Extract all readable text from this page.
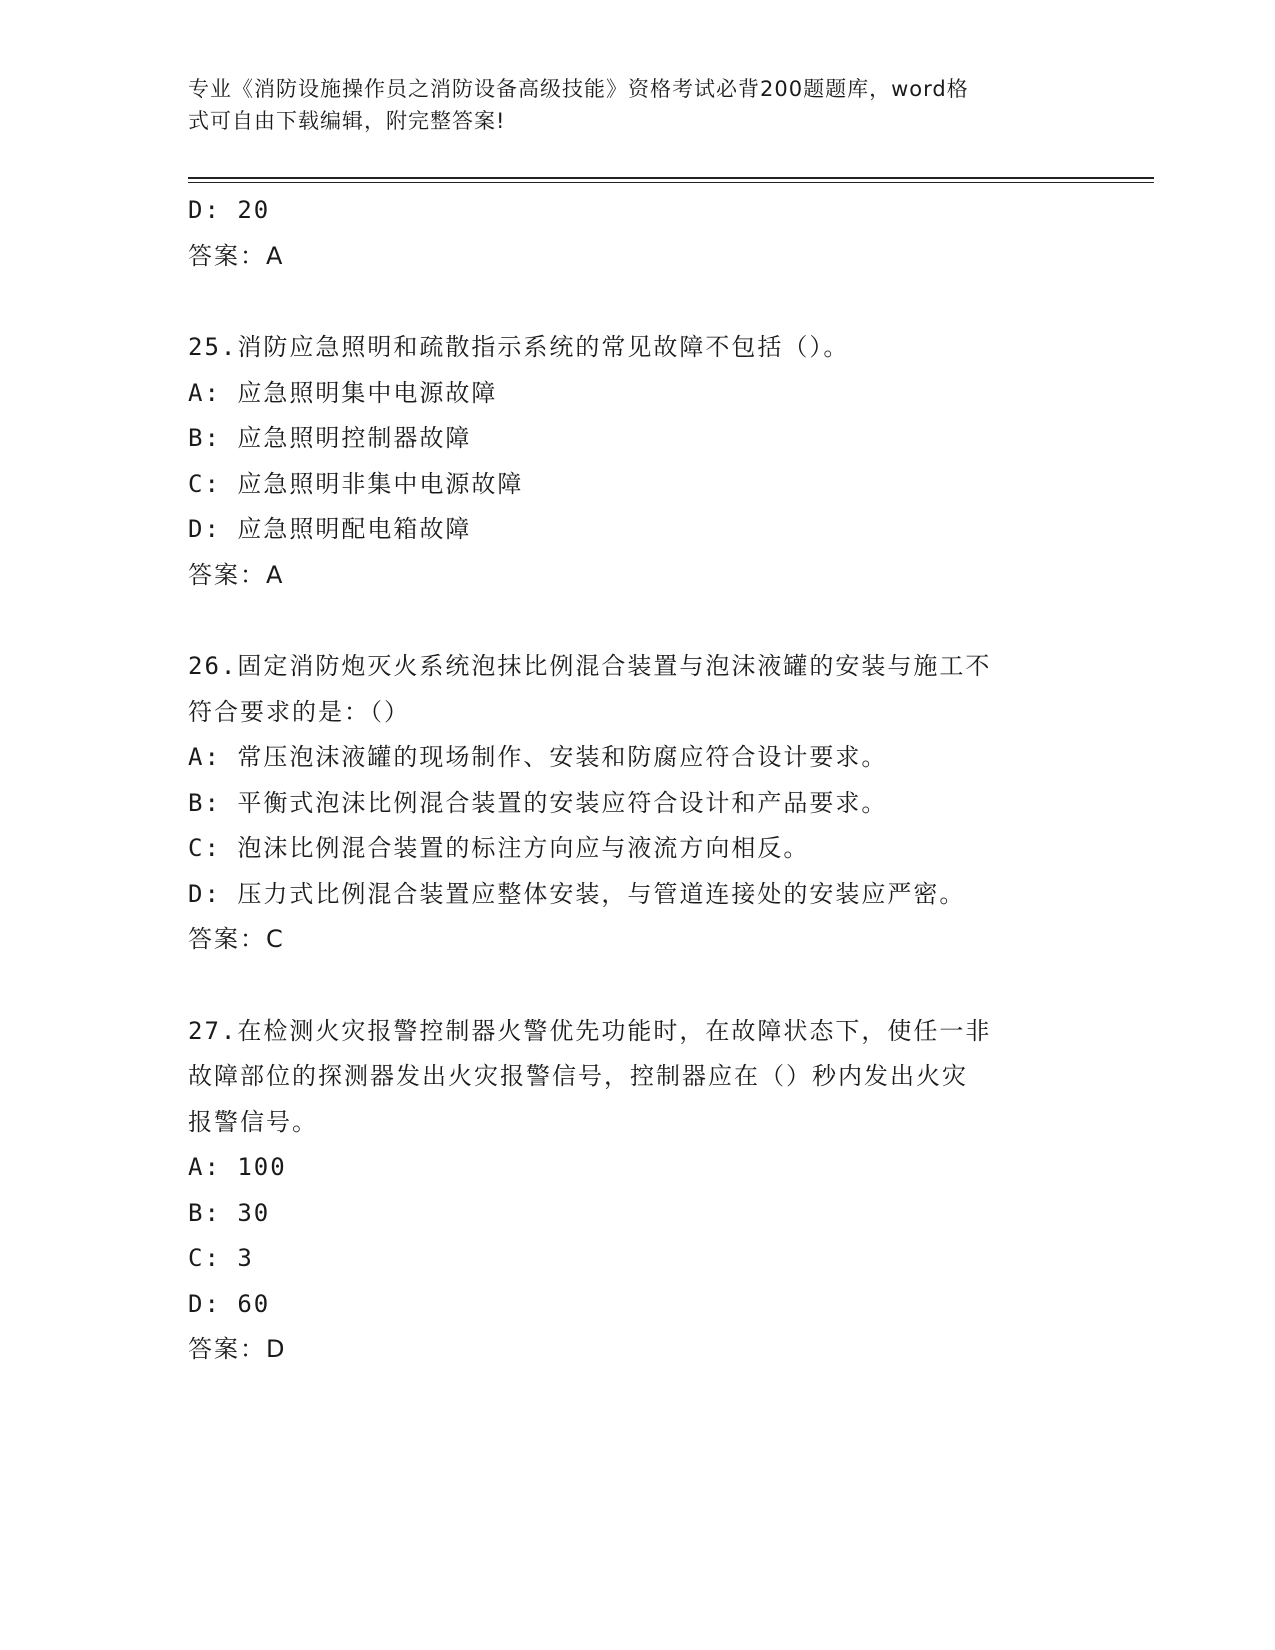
专业《消防设施操作员之消防设备高级技能》资格考试必背200题题库，word格
式可自由下载编辑，附完整答案!
D: 20
答案：A
25.消防应急照明和疏散指示系统的常见故障不包括（）。
A: 应急照明集中电源故障
B: 应急照明控制器故障
C: 应急照明非集中电源故障
D: 应急照明配电箱故障
答案：A
26.固定消防炮灭火系统泡抹比例混合装置与泡沫液罐的安装与施工不
符合要求的是：（）
A: 常压泡沫液罐的现场制作、安装和防腐应符合设计要求。
B: 平衡式泡沫比例混合装置的安装应符合设计和产品要求。
C: 泡沫比例混合装置的标注方向应与液流方向相反。
D: 压力式比例混合装置应整体安装，与管道连接处的安装应严密。
答案：C
27.在检测火灾报警控制器火警优先功能时，在故障状态下，使任一非
故障部位的探测器发出火灾报警信号，控制器应在（）秒内发出火灾
报警信号。
A: 100
B: 30
C: 3
D: 60
答案：D
